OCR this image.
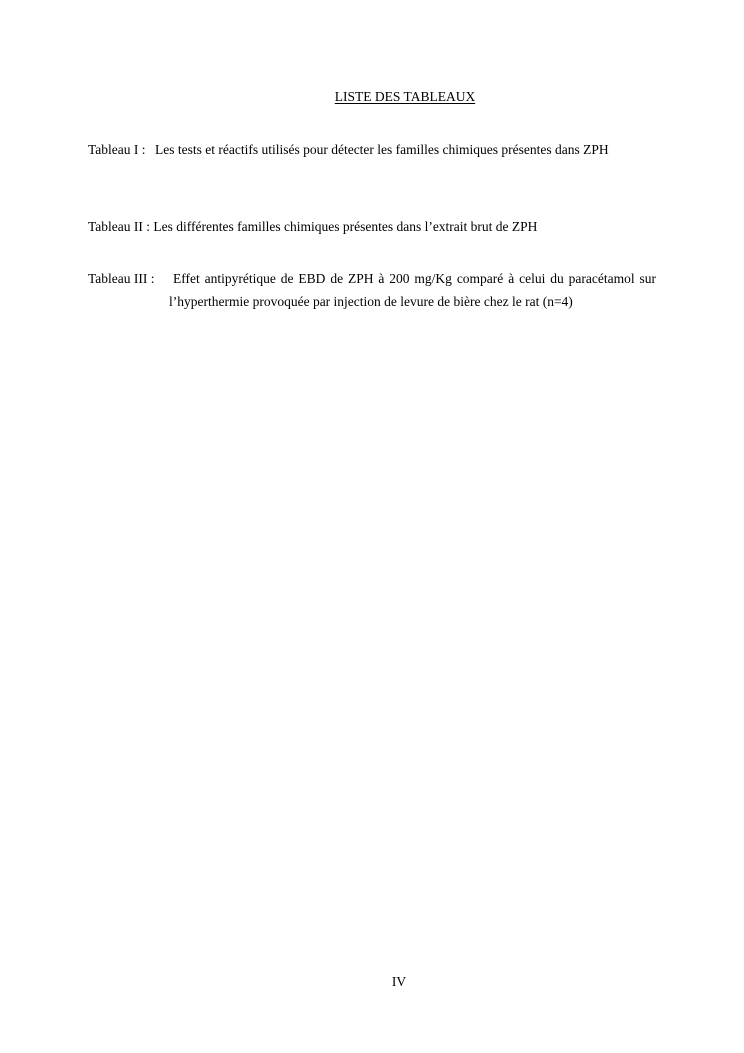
LISTE DES TABLEAUX
Tableau I : Les tests et réactifs utilisés pour détecter les familles chimiques présentes dans ZPH
Tableau II : Les différentes familles chimiques présentes dans l’extrait brut de ZPH
Tableau III :	Effet antipyrétique de EBD de ZPH à 200 mg/Kg comparé à celui du paracétamol sur l’hyperthermie provoquée par injection de levure de bière chez le rat (n=4)
IV
